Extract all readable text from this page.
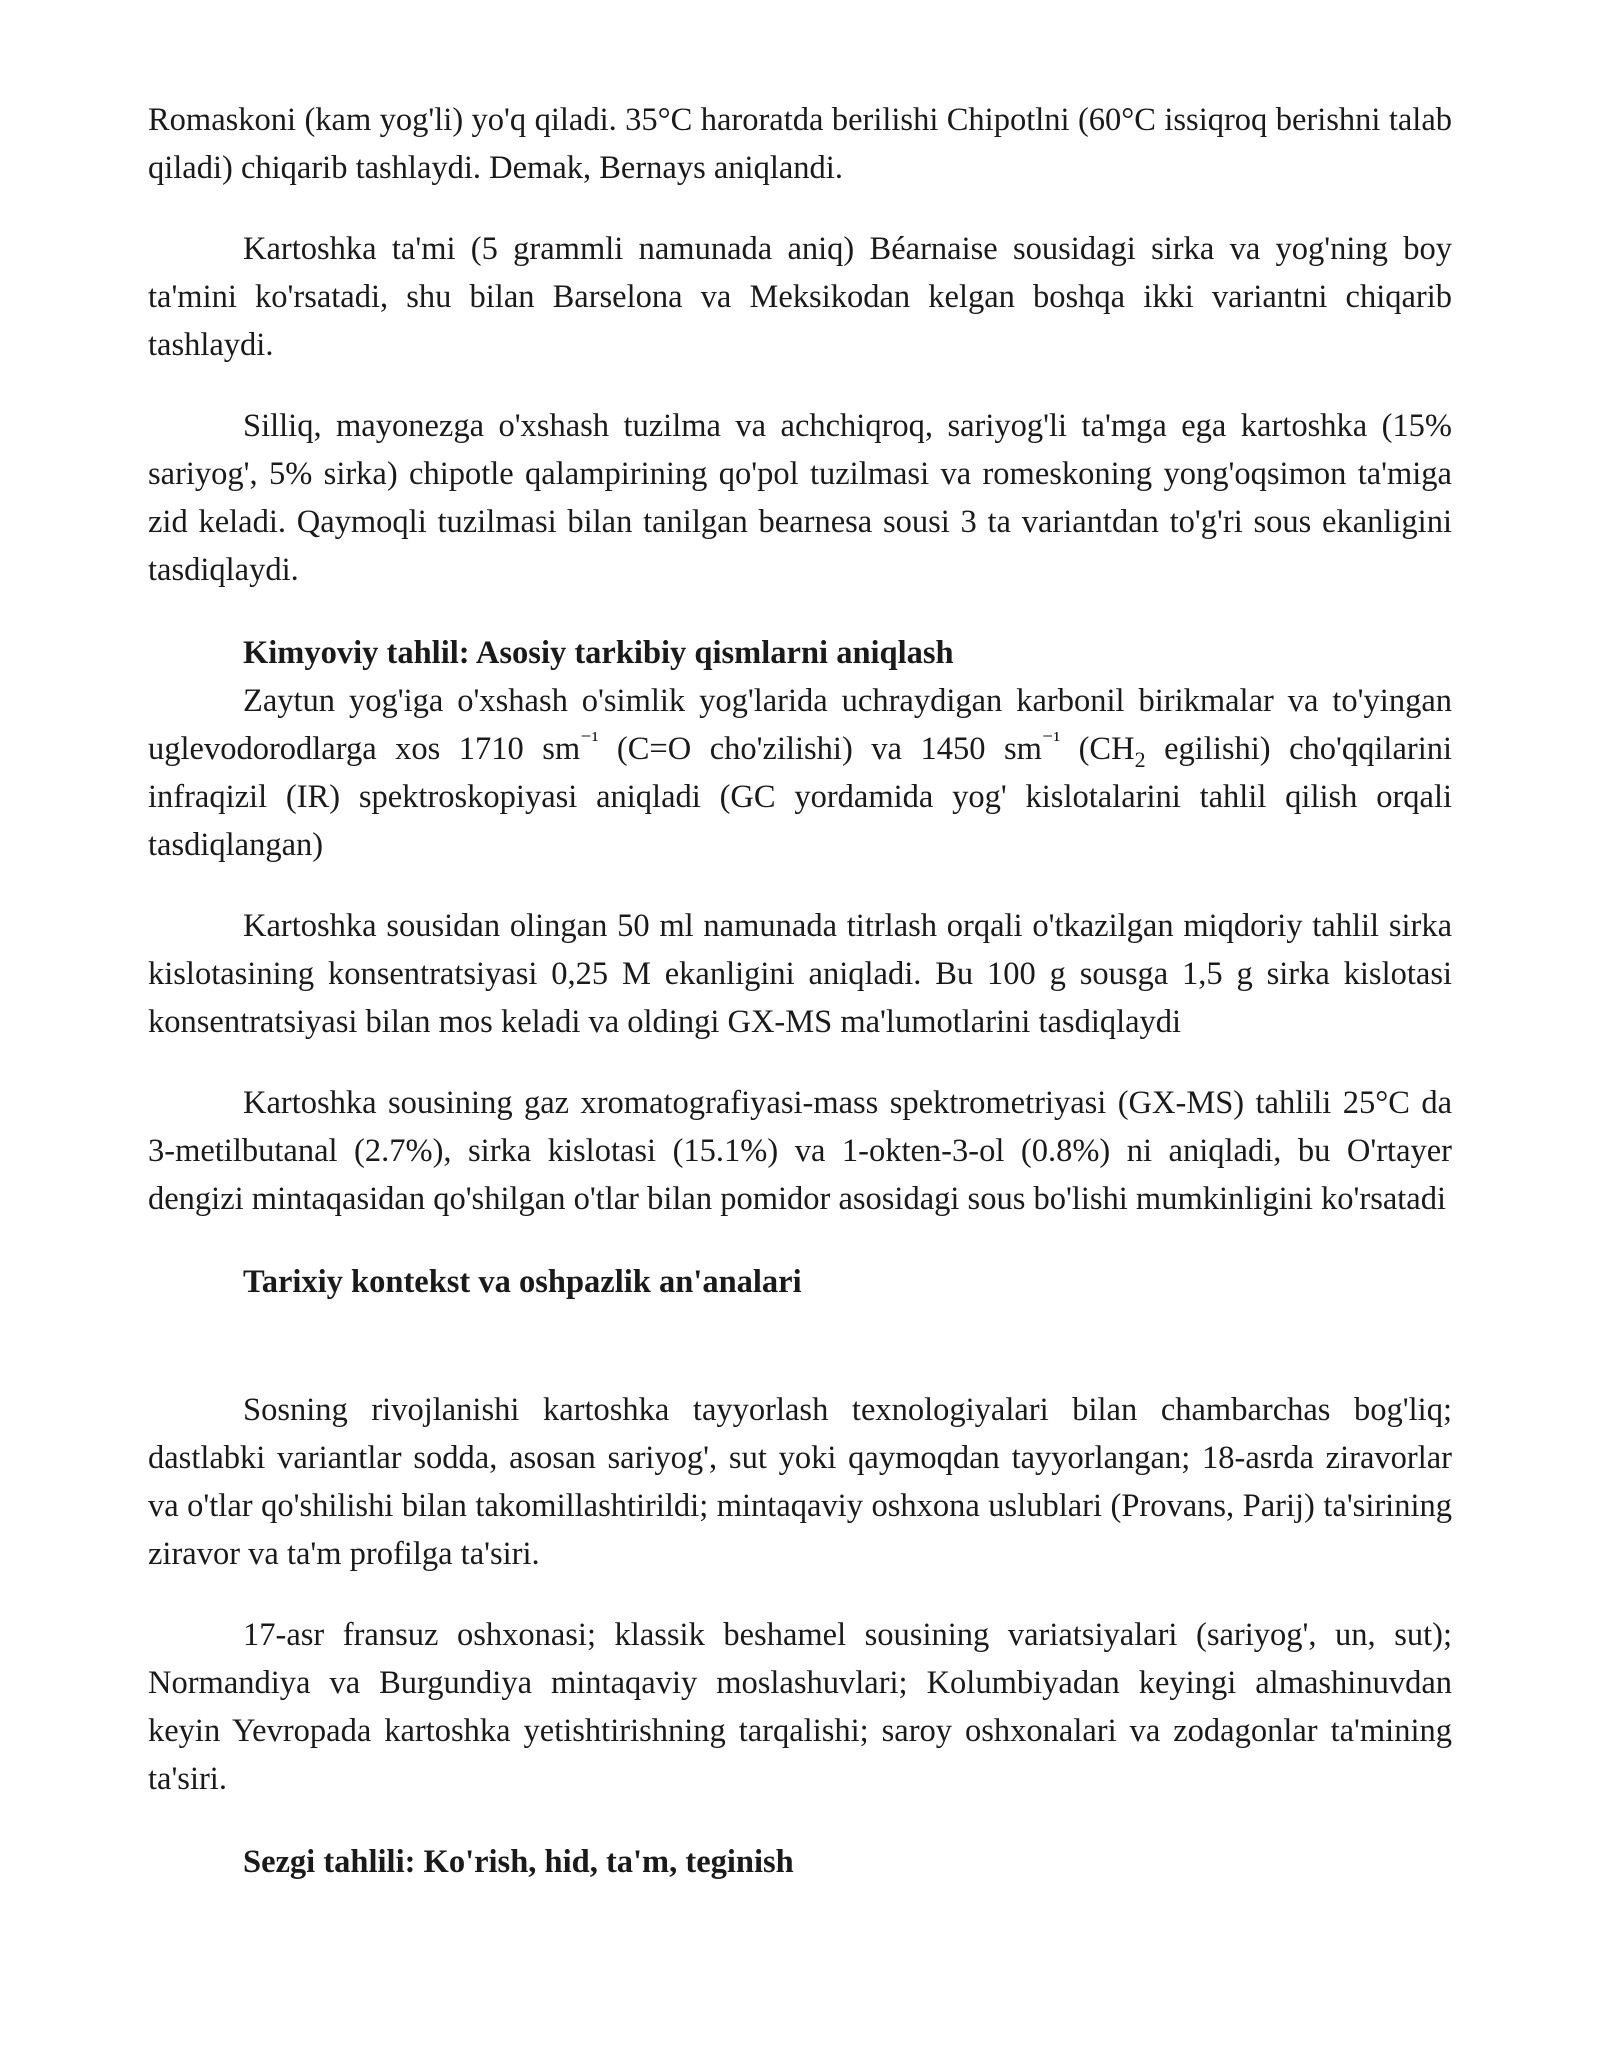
Romaskoni (kam yog'li) yo'q qiladi. 35°C haroratda berilishi Chipotlni (60°C issiqroq berishni talab qiladi) chiqarib tashlaydi. Demak, Bernays aniqlandi.

Kartoshka ta'mi (5 grammli namunada aniq) Béarnaise sousidagi sirka va yog'ning boy ta'mini ko'rsatadi, shu bilan Barselona va Meksikodan kelgan boshqa ikki variantni chiqarib tashlaydi.

Silliq, mayonezga o'xshash tuzilma va achchiqroq, sariyog'li ta'mga ega kartoshka (15% sariyog', 5% sirka) chipotle qalampirining qo'pol tuzilmasi va romeskoning yong'oqsimon ta'miga zid keladi. Qaymoqli tuzilmasi bilan tanilgan bearnesa sousi 3 ta variantdan to'g'ri sous ekanligini tasdiqlaydi.

Kimyoviy tahlil: Asosiy tarkibiy qismlarni aniqlash

Zaytun yog'iga o'xshash o'simlik yog'larida uchraydigan karbonil birikmalar va to'yingan uglevodorodlarga xos 1710 $sm^{^{-1}}$ (C=O cho'zilishi) va 1450 $sm^{^{-1}}$ ($CH_2$ egilishi) cho'qqilarini infraqizil (IR) spektroskopiyasi aniqladi (GC yordamida yog' kislotalarini tahlil qilish orqali tasdiqlangan)

Kartoshka sousidan olingan 50 ml namunada titrlash orqali o'tkazilgan miqdoriy tahlil sirka kislotasining konsentratsiyasi 0,25 M ekanligini aniqladi. Bu 100 g sousga 1,5 g sirka kislotasi konsentratsiyasi bilan mos keladi va oldingi GX-MS ma'lumotlarini tasdiqlaydi

Kartoshka sousining gaz xromatografiyasi-mass spektrometriyasi (GX-MS) tahlili 25°C da 3-metilbutanal (2.7%), sirka kislotasi (15.1%) va 1-okten-3-ol (0.8%) ni aniqladi, bu O'rtayer dengizi mintaqasidan qo'shilgan o'tlar bilan pomidor asosidagi sous bo'lishi mumkinligini ko'rsatadi

Tarixiy kontekst va oshpazlik an'analari

Sosning rivojlanishi kartoshka tayyorlash texnologiyalari bilan chambarchas bog'liq; dastlabki variantlar sodda, asosan sariyog', sut yoki qaymoqdan tayyorlangan; 18-asrda ziravorlar va o'tlar qo'shilishi bilan takomillashtirildi; mintaqaviy oshxona uslublari (Provans, Parij) ta'sirining ziravor va ta'm profilga ta'siri.

17-asr fransuz oshxonasi; klassik beshamel sousining variatsiyalari (sariyog', un, sut); Normandiya va Burgundiya mintaqaviy moslashuvlari; Kolumbiyadan keyingi almashinuvdan keyin Yevropada kartoshka yetishtirishning tarqalishi; saroy oshxonalari va zodagonlar ta'mining ta'siri.

Sezgi tahlili: Ko'rish, hid, ta'm, teginish
